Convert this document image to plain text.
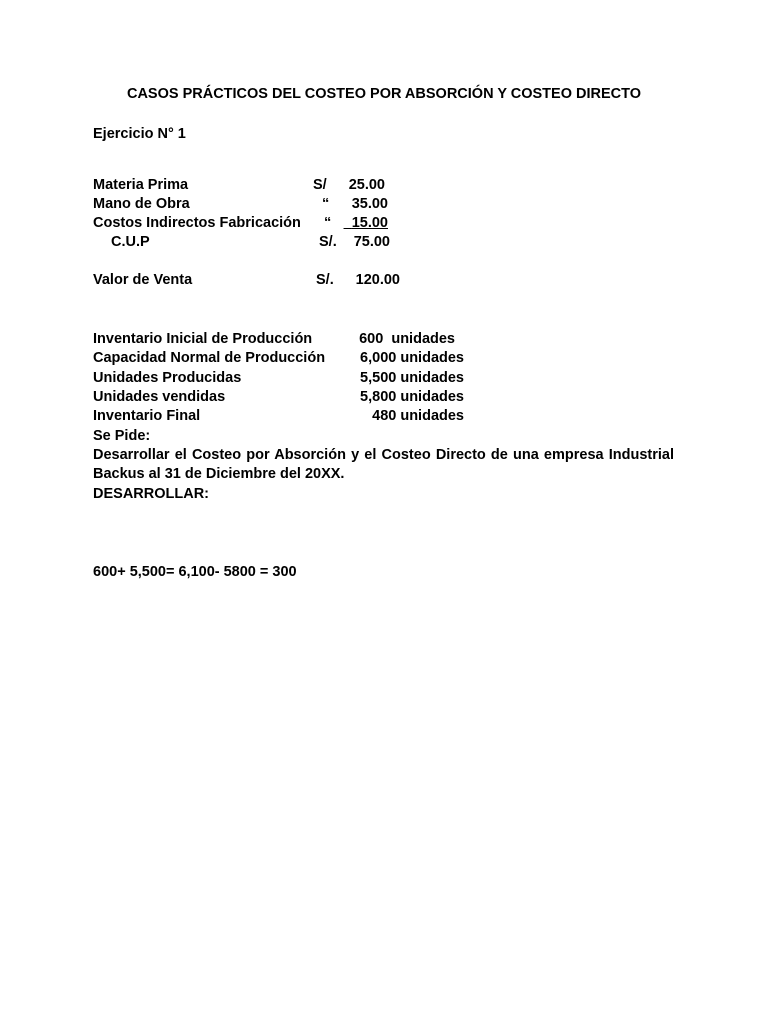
CASOS PRÁCTICOS DEL COSTEO POR ABSORCIÓN Y COSTEO DIRECTO
Ejercicio N° 1
Materia Prima	S/	25.00
Mano de Obra	“	35.00
Costos Indirectos Fabricación “	15.00
C.U.P	S/.	75.00
Valor de Venta	S/.	120.00
Inventario Inicial de Producción	600  unidades
Capacidad Normal de Producción	6,000 unidades
Unidades Producidas	5,500 unidades
Unidades vendidas	5,800 unidades
Inventario Final	480 unidades
Se Pide:
Desarrollar el Costeo por Absorción y el Costeo Directo de una empresa Industrial Backus al 31 de Diciembre del 20XX.
DESARROLLAR:
600+ 5,500= 6,100- 5800 = 300
